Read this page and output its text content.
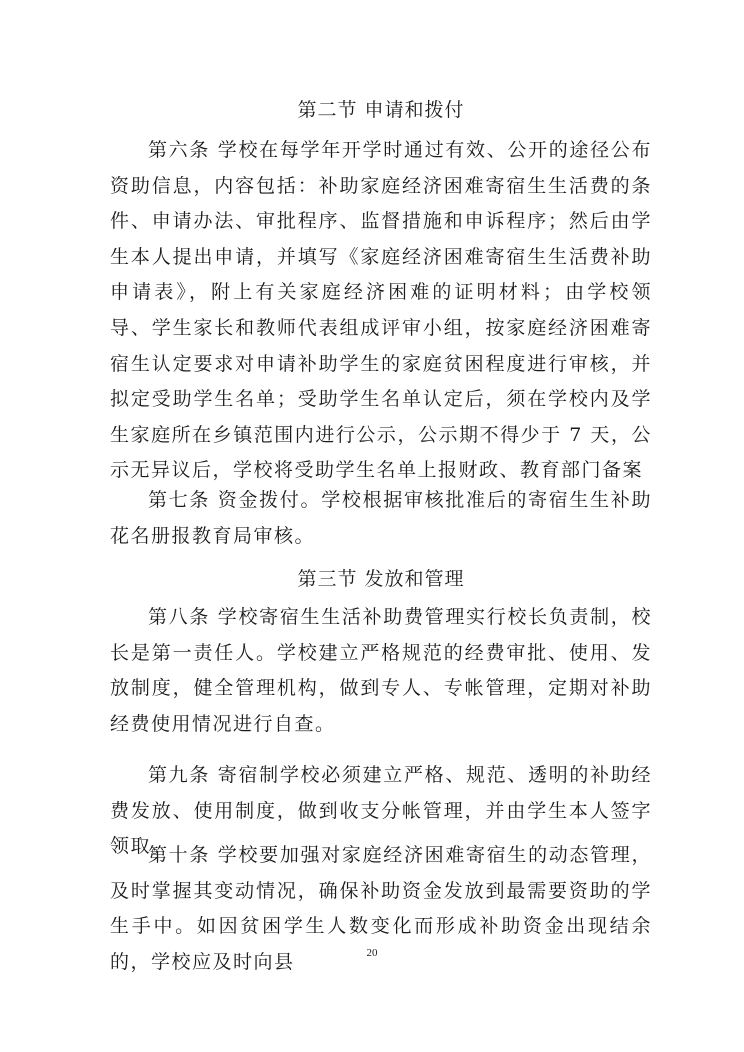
第二节 申请和拨付
第六条 学校在每学年开学时通过有效、公开的途径公布资助信息，内容包括：补助家庭经济困难寄宿生生活费的条件、申请办法、审批程序、监督措施和申诉程序；然后由学生本人提出申请，并填写《家庭经济困难寄宿生生活费补助申请表》，附上有关家庭经济困难的证明材料；由学校领导、学生家长和教师代表组成评审小组，按家庭经济困难寄宿生认定要求对申请补助学生的家庭贫困程度进行审核，并拟定受助学生名单；受助学生名单认定后，须在学校内及学生家庭所在乡镇范围内进行公示，公示期不得少于 7 天，公示无异议后，学校将受助学生名单上报财政、教育部门备案
第七条 资金拨付。学校根据审核批准后的寄宿生生补助花名册报教育局审核。
第三节 发放和管理
第八条 学校寄宿生生活补助费管理实行校长负责制，校长是第一责任人。学校建立严格规范的经费审批、使用、发放制度，健全管理机构，做到专人、专帐管理，定期对补助经费使用情况进行自查。
第九条 寄宿制学校必须建立严格、规范、透明的补助经费发放、使用制度，做到收支分帐管理，并由学生本人签字领取。
第十条 学校要加强对家庭经济困难寄宿生的动态管理，及时掌握其变动情况，确保补助资金发放到最需要资助的学生手中。如因贫困学生人数变化而形成补助资金出现结余的，学校应及时向县	20
